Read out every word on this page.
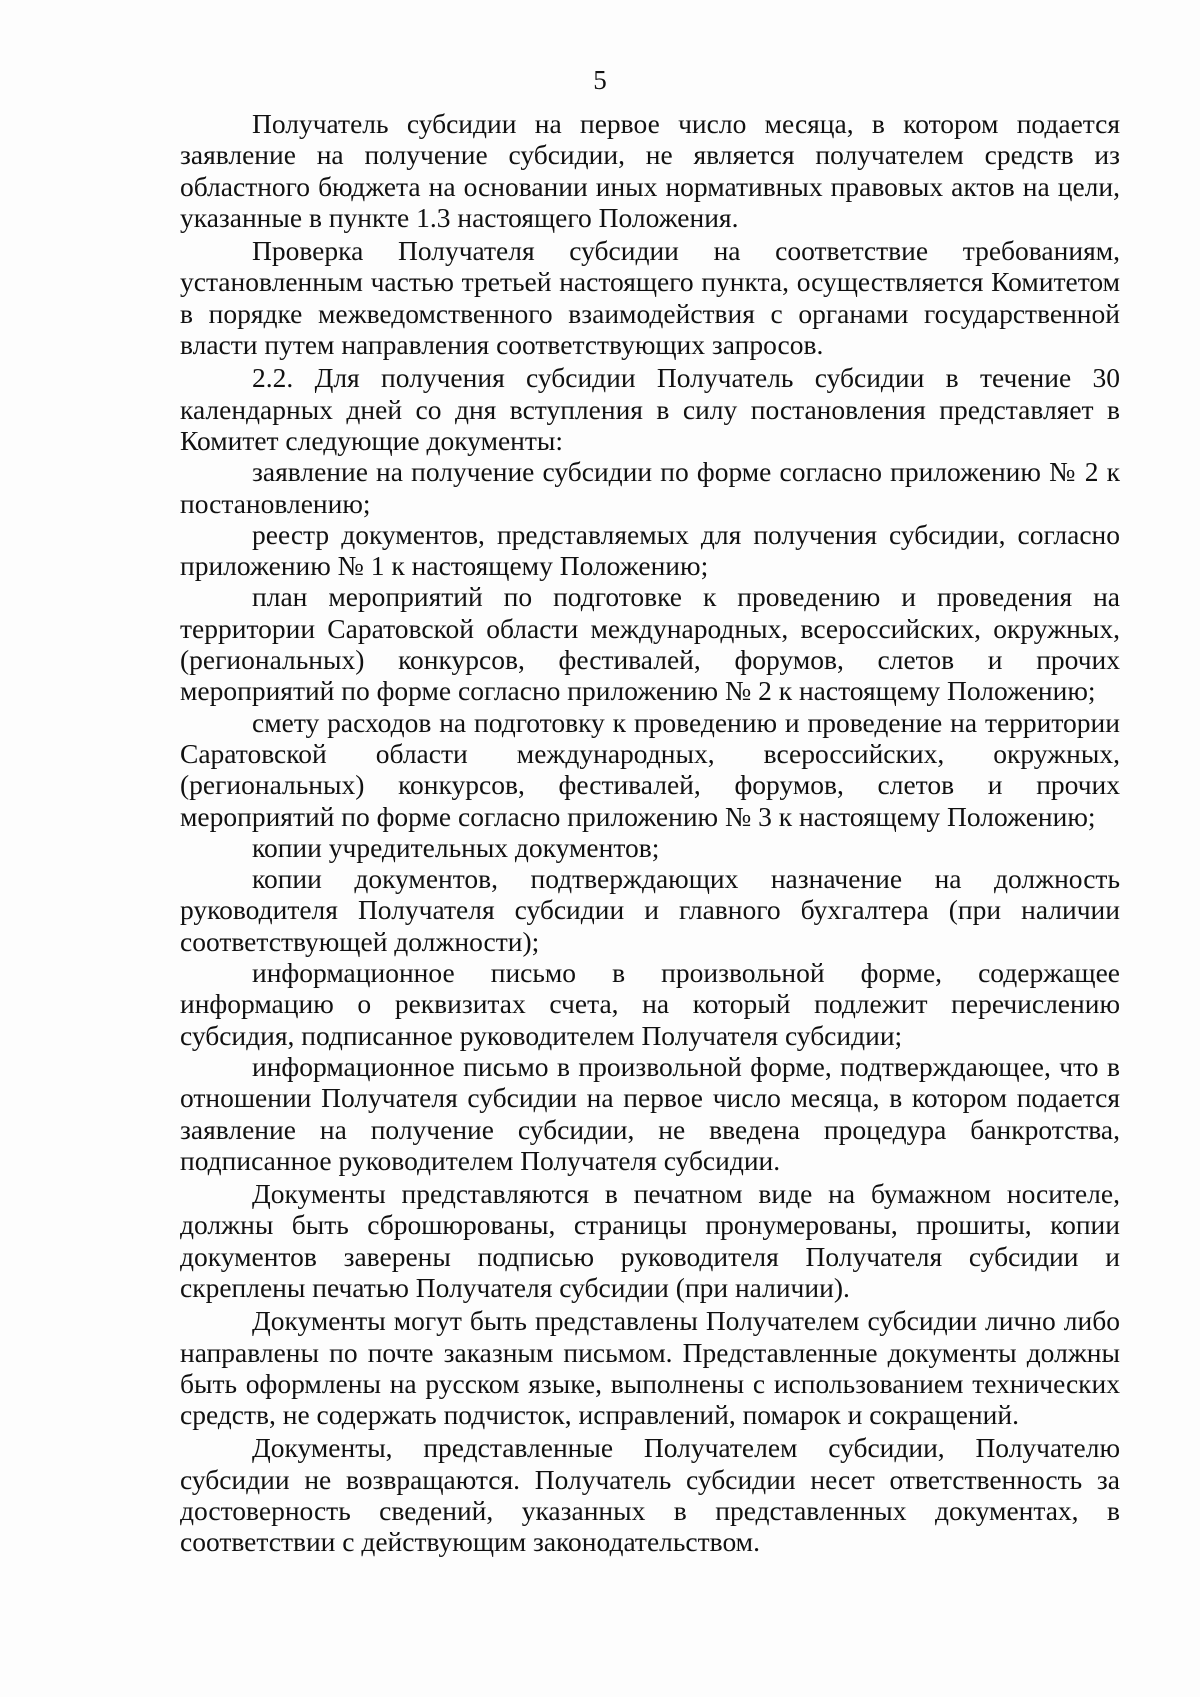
5

Получатель субсидии на первое число месяца, в котором подается заявление на получение субсидии, не является получателем средств из областного бюджета на основании иных нормативных правовых актов на цели, указанные в пункте 1.3 настоящего Положения.

Проверка Получателя субсидии на соответствие требованиям, установленным частью третьей настоящего пункта, осуществляется Комитетом в порядке межведомственного взаимодействия с органами государственной власти путем направления соответствующих запросов.

2.2. Для получения субсидии Получатель субсидии в течение 30 календарных дней со дня вступления в силу постановления представляет в Комитет следующие документы:

заявление на получение субсидии по форме согласно приложению № 2 к постановлению;

реестр документов, представляемых для получения субсидии, согласно приложению № 1 к настоящему Положению;

план мероприятий по подготовке к проведению и проведения на территории Саратовской области международных, всероссийских, окружных, (региональных) конкурсов, фестивалей, форумов, слетов и прочих мероприятий по форме согласно приложению № 2 к настоящему Положению;

смету расходов на подготовку к проведению и проведение на территории Саратовской области международных, всероссийских, окружных, (региональных) конкурсов, фестивалей, форумов, слетов и прочих мероприятий по форме согласно приложению № 3 к настоящему Положению;

копии учредительных документов;

копии документов, подтверждающих назначение на должность руководителя Получателя субсидии и главного бухгалтера (при наличии соответствующей должности);

информационное письмо в произвольной форме, содержащее информацию о реквизитах счета, на который подлежит перечислению субсидия, подписанное руководителем Получателя субсидии;

информационное письмо в произвольной форме, подтверждающее, что в отношении Получателя субсидии на первое число месяца, в котором подается заявление на получение субсидии, не введена процедура банкротства, подписанное руководителем Получателя субсидии.

Документы представляются в печатном виде на бумажном носителе, должны быть сброшюрованы, страницы пронумерованы, прошиты, копии документов заверены подписью руководителя Получателя субсидии и скреплены печатью Получателя субсидии (при наличии).

Документы могут быть представлены Получателем субсидии лично либо направлены по почте заказным письмом. Представленные документы должны быть оформлены на русском языке, выполнены с использованием технических средств, не содержать подчисток, исправлений, помарок и сокращений.

Документы, представленные Получателем субсидии, Получателю субсидии не возвращаются. Получатель субсидии несет ответственность за достоверность сведений, указанных в представленных документах, в соответствии с действующим законодательством.
